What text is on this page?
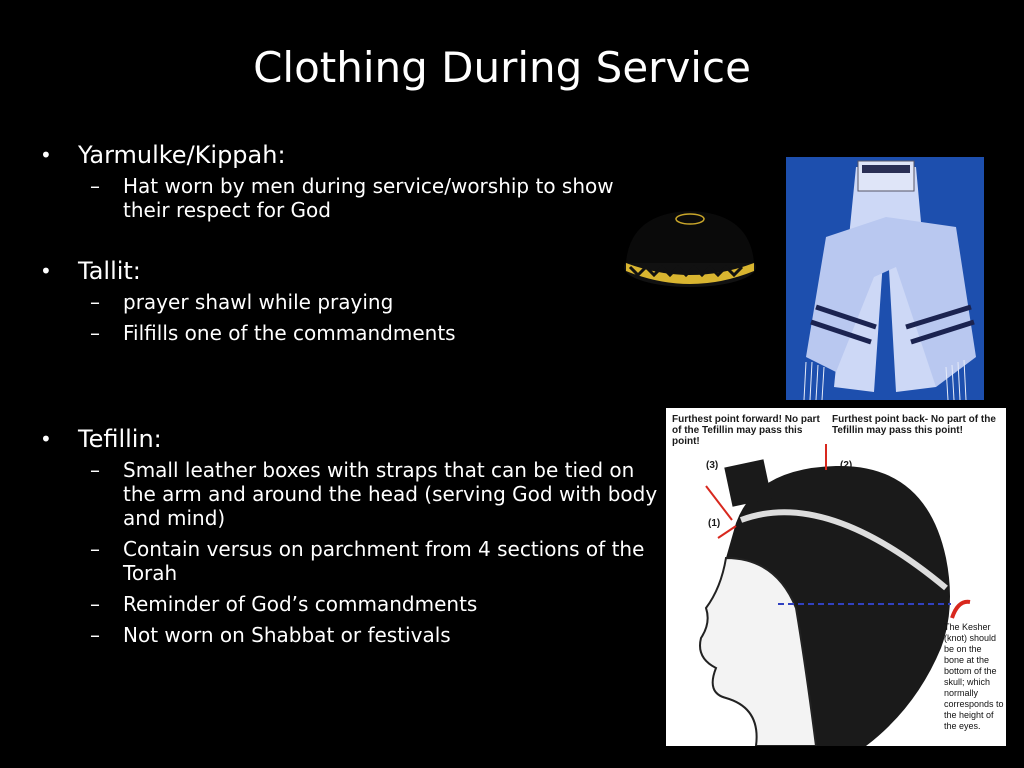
Clothing During Service
• Yarmulke/Kippah:
– Hat worn by men during service/worship to show their respect for God
• Tallit:
– prayer shawl while praying
– Filfills one of the commandments
• Tefillin:
– Small leather boxes with straps that can be tied on the arm and around the head (serving God with body and mind)
– Contain versus on parchment from 4 sections of the Torah
– Reminder of God’s commandments
– Not worn on Shabbat or festivals
Furthest point forward! No part of the Tefillin may pass this point!
Furthest point back- No part of the Tefillin may pass this point!
(3)	(2)
(1)
The Kesher (knot) should be on the bone at the bottom of the skull; which normally corresponds to the height of the eyes.
